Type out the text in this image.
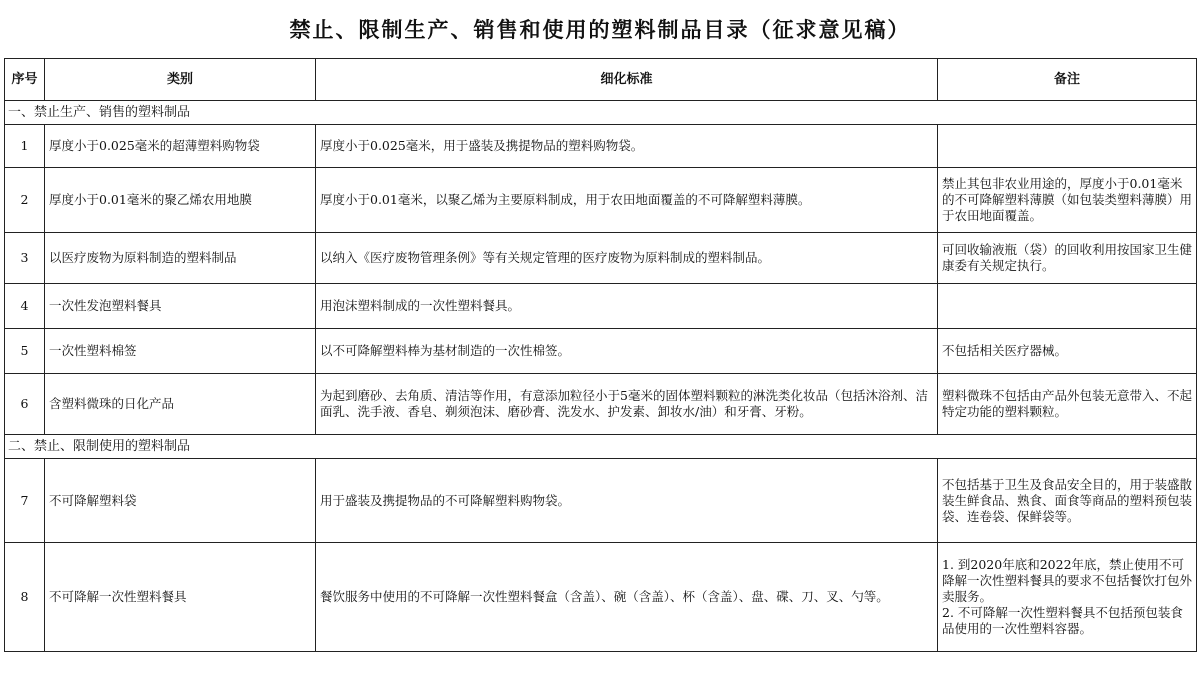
禁止、限制生产、销售和使用的塑料制品目录（征求意见稿）
序号	类别	细化标准	备注
一、禁止生产、销售的塑料制品			
1	厚度小于0.025毫米的超薄塑料购物袋	厚度小于0.025毫米，用于盛装及携提物品的塑料购物袋。	
2	厚度小于0.01毫米的聚乙烯农用地膜	厚度小于0.01毫米，以聚乙烯为主要原料制成，用于农田地面覆盖的不可降解塑料薄膜。	禁止其包非农业用途的，厚度小于0.01毫米的不可降解塑料薄膜（如包装类塑料薄膜）用于农田地面覆盖。
3	以医疗废物为原料制造的塑料制品	以纳入《医疗废物管理条例》等有关规定管理的医疗废物为原料制成的塑料制品。	可回收输液瓶（袋）的回收利用按国家卫生健康委有关规定执行。
4	一次性发泡塑料餐具	用泡沫塑料制成的一次性塑料餐具。	
5	一次性塑料棉签	以不可降解塑料棒为基材制造的一次性棉签。	不包括相关医疗器械。
6	含塑料微珠的日化产品	为起到磨砂、去角质、清洁等作用，有意添加粒径小于5毫米的固体塑料颗粒的淋洗类化妆品（包括沐浴剂、洁面乳、洗手液、香皂、剃须泡沫、磨砂膏、洗发水、护发素、卸妆水/油）和牙膏、牙粉。	塑料微珠不包括由产品外包装无意带入、不起特定功能的塑料颗粒。
二、禁止、限制使用的塑料制品			
7	不可降解塑料袋	用于盛装及携提物品的不可降解塑料购物袋。	不包括基于卫生及食品安全目的，用于装盛散装生鲜食品、熟食、面食等商品的塑料预包装袋、连卷袋、保鲜袋等。
8	不可降解一次性塑料餐具	餐饮服务中使用的不可降解一次性塑料餐盒（含盖）、碗（含盖）、杯（含盖）、盘、碟、刀、叉、勺等。	1. 到2020年底和2022年底，禁止使用不可降解一次性塑料餐具的要求不包括餐饮打包外卖服务。
2. 不可降解一次性塑料餐具不包括预包装食品使用的一次性塑料容器。
